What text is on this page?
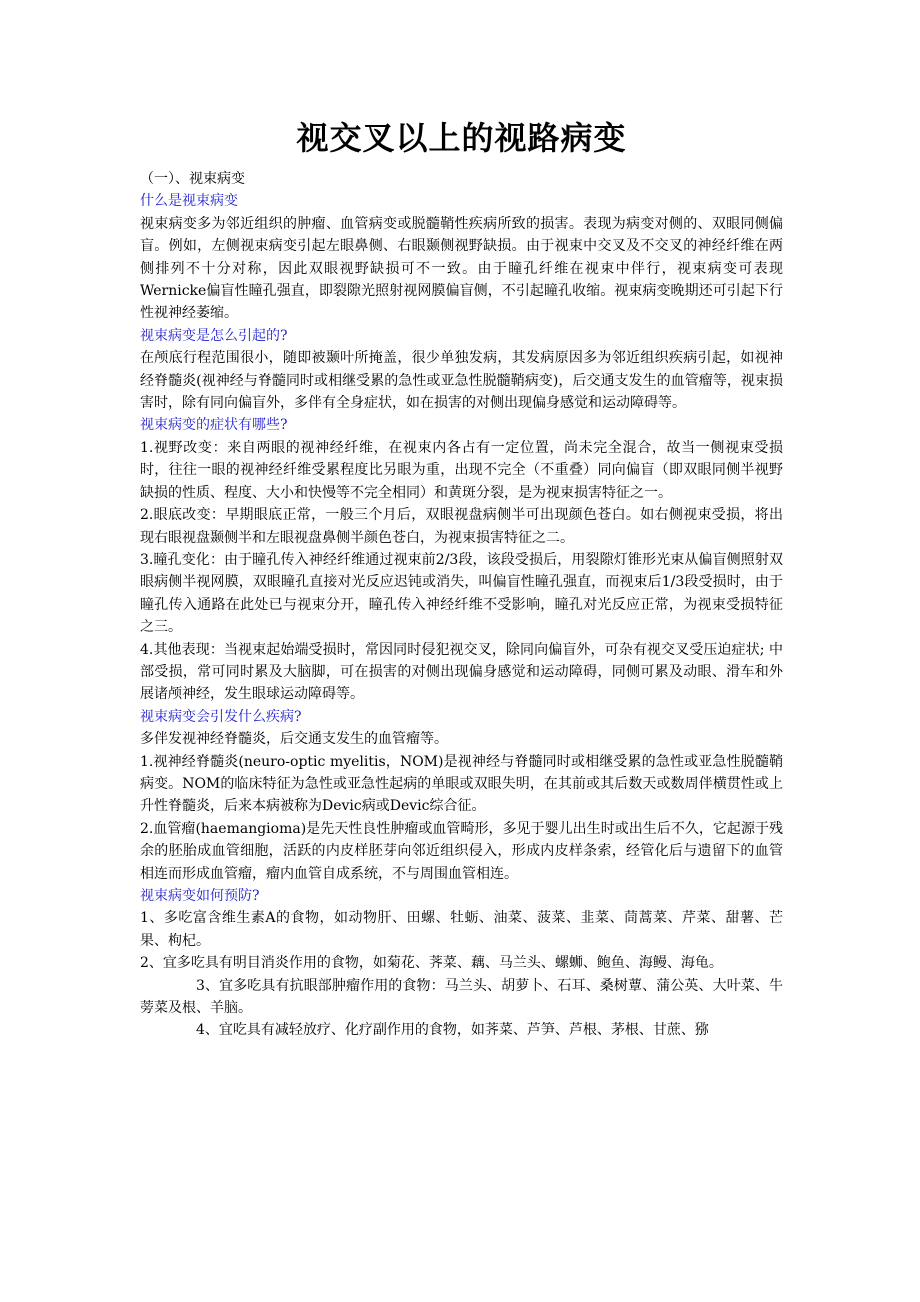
视交叉以上的视路病变

（一）、视束病变

什么是视束病变

视束病变多为邻近组织的肿瘤、血管病变或脱髓鞘性疾病所致的损害。表现为病变对侧的、双眼同侧偏盲。例如，左侧视束病变引起左眼鼻侧、右眼颞侧视野缺损。由于视束中交叉及不交叉的神经纤维在两侧排列不十分对称，因此双眼视野缺损可不一致。由于瞳孔纤维在视束中伴行，视束病变可表现Wernicke偏盲性瞳孔强直，即裂隙光照射视网膜偏盲侧，不引起瞳孔收缩。视束病变晚期还可引起下行性视神经萎缩。

视束病变是怎么引起的?

在颅底行程范围很小，随即被颞叶所掩盖，很少单独发病，其发病原因多为邻近组织疾病引起，如视神经脊髓炎(视神经与脊髓同时或相继受累的急性或亚急性脱髓鞘病变)，后交通支发生的血管瘤等，视束损害时，除有同向偏盲外，多伴有全身症状，如在损害的对侧出现偏身感觉和运动障碍等。

视束病变的症状有哪些?

1.视野改变：来自两眼的视神经纤维，在视束内各占有一定位置，尚未完全混合，故当一侧视束受损时，往往一眼的视神经纤维受累程度比另眼为重，出现不完全（不重叠）同向偏盲（即双眼同侧半视野缺损的性质、程度、大小和快慢等不完全相同）和黄斑分裂，是为视束损害特征之一。

2.眼底改变：早期眼底正常，一般三个月后，双眼视盘病侧半可出现颜色苍白。如右侧视束受损，将出现右眼视盘颞侧半和左眼视盘鼻侧半颜色苍白，为视束损害特征之二。

3.瞳孔变化：由于瞳孔传入神经纤维通过视束前2/3段，该段受损后，用裂隙灯锥形光束从偏盲侧照射双眼病侧半视网膜，双眼瞳孔直接对光反应迟钝或消失，叫偏盲性瞳孔强直，而视束后1/3段受损时，由于瞳孔传入通路在此处已与视束分开，瞳孔传入神经纤维不受影响，瞳孔对光反应正常，为视束受损特征之三。

4.其他表现：当视束起始端受损时，常因同时侵犯视交叉，除同向偏盲外，可杂有视交叉受压迫症状; 中部受损，常可同时累及大脑脚，可在损害的对侧出现偏身感觉和运动障碍，同侧可累及动眼、滑车和外展诸颅神经，发生眼球运动障碍等。

视束病变会引发什么疾病?

多伴发视神经脊髓炎，后交通支发生的血管瘤等。

1.视神经脊髓炎(neuro-optic myelitis，NOM)是视神经与脊髓同时或相继受累的急性或亚急性脱髓鞘病变。NOM的临床特征为急性或亚急性起病的单眼或双眼失明，在其前或其后数天或数周伴横贯性或上升性脊髓炎，后来本病被称为Devic病或Devic综合征。

2.血管瘤(haemangioma)是先天性良性肿瘤或血管畸形，多见于婴儿出生时或出生后不久，它起源于残余的胚胎成血管细胞，活跃的内皮样胚芽向邻近组织侵入，形成内皮样条索，经管化后与遗留下的血管相连而形成血管瘤，瘤内血管自成系统，不与周围血管相连。

视束病变如何预防?

1、多吃富含维生素A的食物，如动物肝、田螺、牡蛎、油菜、菠菜、韭菜、茼蒿菜、芹菜、甜薯、芒果、枸杞。

2、宜多吃具有明目消炎作用的食物，如菊花、荠菜、藕、马兰头、螺蛳、鲍鱼、海鳗、海龟。

3、宜多吃具有抗眼部肿瘤作用的食物：马兰头、胡萝卜、石耳、桑树蕈、蒲公英、大叶菜、牛蒡菜及根、羊脑。

4、宜吃具有减轻放疗、化疗副作用的食物，如荠菜、芦笋、芦根、茅根、甘蔗、猕
